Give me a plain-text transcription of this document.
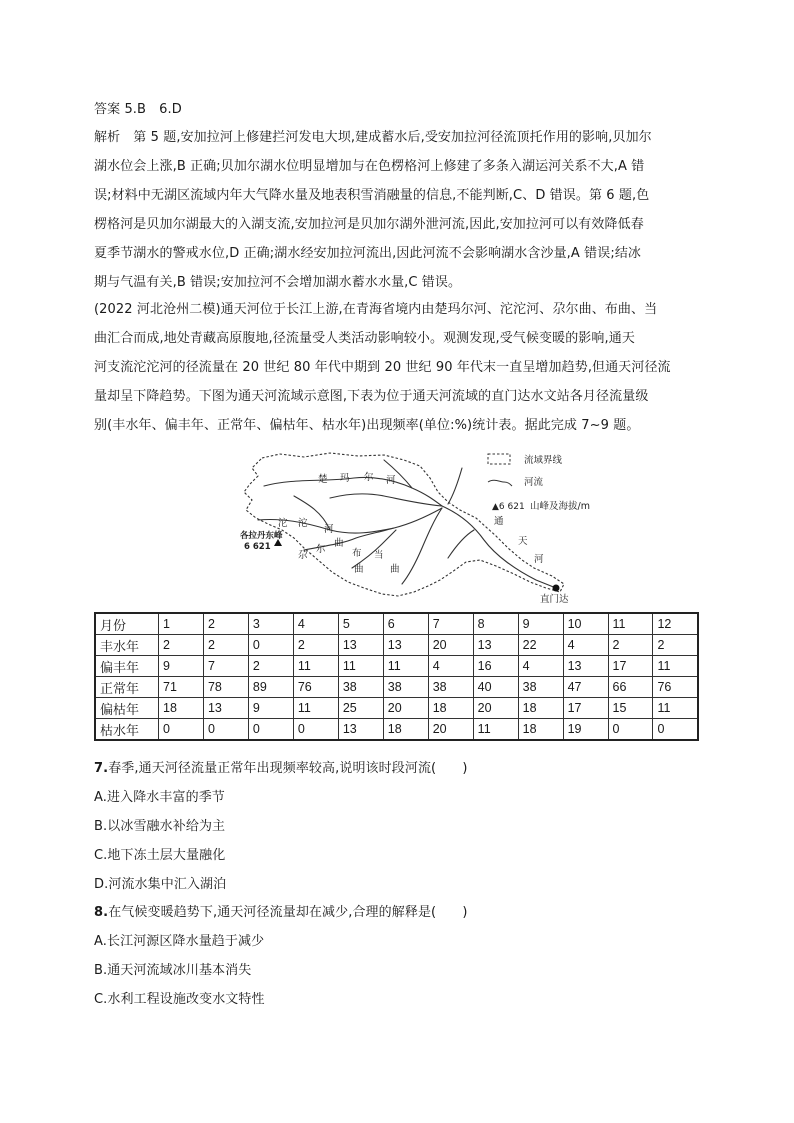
答案 5.B　6.D
解析　第 5 题,安加拉河上修建拦河发电大坝,建成蓄水后,受安加拉河径流顶托作用的影响,贝加尔
湖水位会上涨,B 正确;贝加尔湖水位明显增加与在色楞格河上修建了多条入湖运河关系不大,A 错
误;材料中无湖区流域内年大气降水量及地表积雪消融量的信息,不能判断,C、D 错误。第 6 题,色
楞格河是贝加尔湖最大的入湖支流,安加拉河是贝加尔湖外泄河流,因此,安加拉河可以有效降低春
夏季节湖水的警戒水位,D 正确;湖水经安加拉河流出,因此河流不会影响湖水含沙量,A 错误;结冰
期与气温有关,B 错误;安加拉河不会增加湖水蓄水水量,C 错误。
(2022 河北沧州二模)通天河位于长江上游,在青海省境内由楚玛尔河、沱沱河、尕尔曲、布曲、当
曲汇合而成,地处青藏高原腹地,径流量受人类活动影响较小。观测发现,受气候变暖的影响,通天
河支流沱沱河的径流量在 20 世纪 80 年代中期到 20 世纪 90 年代末一直呈增加趋势,但通天河径流
量却呈下降趋势。下图为通天河流域示意图,下表为位于通天河流域的直门达水文站各月径流量级
别(丰水年、偏丰年、正常年、偏枯年、枯水年)出现频率(单位:%)统计表。据此完成 7~9 题。
楚 玛 尔 河
沱 沱
河
各拉丹东峰
6 621
尕
尔
曲
布
曲
当
曲
通
天
河
直门达
▲6 621
流域界线
河流
山峰及海拔/m
月份	1	2	3	4	5	6	7	8	9	10	11	12
丰水年	2	2	0	2	13	13	20	13	22	4	2	2
偏丰年	9	7	2	11	11	11	4	16	4	13	17	11
正常年	71	78	89	76	38	38	38	40	38	47	66	76
偏枯年	18	13	9	11	25	20	18	20	18	17	15	11
枯水年	0	0	0	0	13	18	20	11	18	19	0	0
7.春季,通天河径流量正常年出现频率较高,说明该时段河流(　　)
A.进入降水丰富的季节
B.以冰雪融水补给为主
C.地下冻土层大量融化
D.河流水集中汇入湖泊
8.在气候变暖趋势下,通天河径流量却在减少,合理的解释是(　　)
A.长江河源区降水量趋于减少
B.通天河流域冰川基本消失
C.水利工程设施改变水文特性
